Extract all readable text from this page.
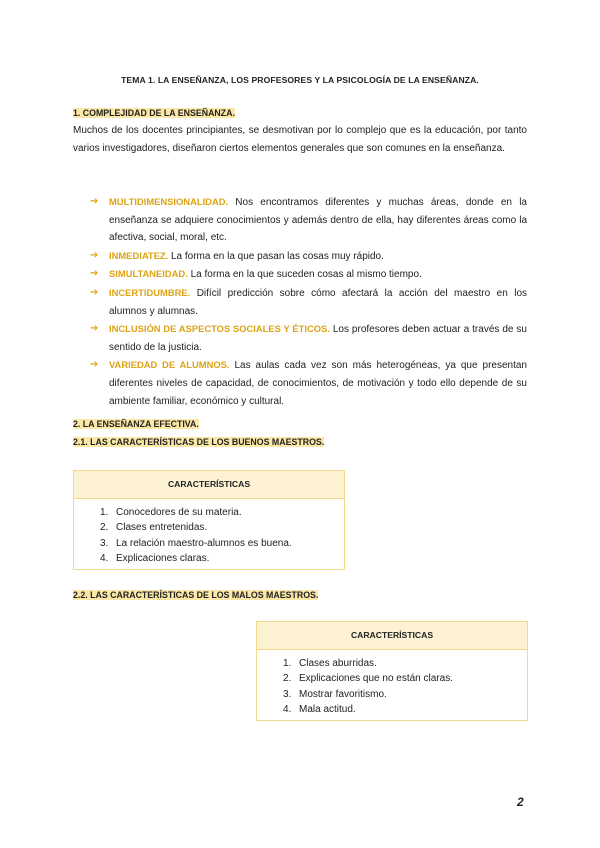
TEMA 1. LA ENSEÑANZA, LOS PROFESORES Y LA PSICOLOGÍA DE LA ENSEÑANZA.
1. COMPLEJIDAD DE LA ENSEÑANZA.
Muchos de los docentes principiantes, se desmotivan por lo complejo que es la educación, por tanto varios investigadores, diseñaron ciertos elementos generales que son comunes en la enseñanza.
➔ MULTIDIMENSIONALIDAD. Nos encontramos diferentes y muchas áreas, donde en la enseñanza se adquiere conocimientos y además dentro de ella, hay diferentes áreas como la afectiva, social, moral, etc.
➔ INMEDIATEZ. La forma en la que pasan las cosas muy rápido.
➔ SIMULTANEIDAD. La forma en la que suceden cosas al mismo tiempo.
➔ INCERTIDUMBRE. Difícil predicción sobre cómo afectará la acción del maestro en los alumnos y alumnas.
➔ INCLUSIÓN DE ASPECTOS SOCIALES Y ÉTICOS. Los profesores deben actuar a través de su sentido de la justicia.
➔ VARIEDAD DE ALUMNOS. Las aulas cada vez son más heterogéneas, ya que presentan diferentes niveles de capacidad, de conocimientos, de motivación y todo ello depende de su ambiente familiar, económico y cultural.
2. LA ENSEÑANZA EFECTIVA.
2.1. LAS CARACTERÍSTICAS DE LOS BUENOS MAESTROS.
CARACTERÍSTICAS
1. Conocedores de su materia.
2. Clases entretenidas.
3. La relación maestro-alumnos es buena.
4. Explicaciones claras.
2.2. LAS CARACTERÍSTICAS DE LOS MALOS MAESTROS.
CARACTERÍSTICAS
1. Clases aburridas.
2. Explicaciones que no están claras.
3. Mostrar favoritismo.
4. Mala actitud.
2
